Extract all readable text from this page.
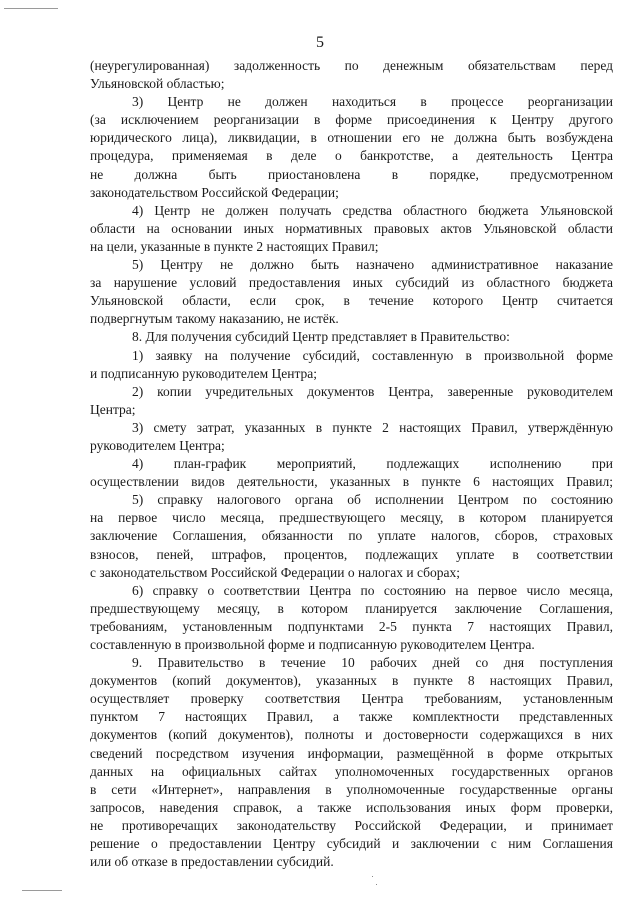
5
(неурегулированная) задолженность по денежным обязательствам перед
Ульяновской областью;
3) Центр не должен находиться в процессе реорганизации
(за исключением реорганизации в форме присоединения к Центру другого
юридического лица), ликвидации, в отношении его не должна быть возбуждена
процедура, применяемая в деле о банкротстве, а деятельность Центра
не должна быть приостановлена в порядке, предусмотренном
законодательством Российской Федерации;
4) Центр не должен получать средства областного бюджета Ульяновской
области на основании иных нормативных правовых актов Ульяновской области
на цели, указанные в пункте 2 настоящих Правил;
5) Центру не должно быть назначено административное наказание
за нарушение условий предоставления иных субсидий из областного бюджета
Ульяновской области, если срок, в течение которого Центр считается
подвергнутым такому наказанию, не истёк.
8. Для получения субсидий Центр представляет в Правительство:
1) заявку на получение субсидий, составленную в произвольной форме
и подписанную руководителем Центра;
2) копии учредительных документов Центра, заверенные руководителем
Центра;
3) смету затрат, указанных в пункте 2 настоящих Правил, утверждённую
руководителем Центра;
4) план-график мероприятий, подлежащих исполнению при
осуществлении видов деятельности, указанных в пункте 6 настоящих Правил;
5) справку налогового органа об исполнении Центром по состоянию
на первое число месяца, предшествующего месяцу, в котором планируется
заключение Соглашения, обязанности по уплате налогов, сборов, страховых
взносов, пеней, штрафов, процентов, подлежащих уплате в соответствии
с законодательством Российской Федерации о налогах и сборах;
6) справку о соответствии Центра по состоянию на первое число месяца,
предшествующему месяцу, в котором планируется заключение Соглашения,
требованиям, установленным подпунктами 2-5 пункта 7 настоящих Правил,
составленную в произвольной форме и подписанную руководителем Центра.
9. Правительство в течение 10 рабочих дней со дня поступления
документов (копий документов), указанных в пункте 8 настоящих Правил,
осуществляет проверку соответствия Центра требованиям, установленным
пунктом 7 настоящих Правил, а также комплектности представленных
документов (копий документов), полноты и достоверности содержащихся в них
сведений посредством изучения информации, размещённой в форме открытых
данных на официальных сайтах уполномоченных государственных органов
в сети «Интернет», направления в уполномоченные государственные органы
запросов, наведения справок, а также использования иных форм проверки,
не противоречащих законодательству Российской Федерации, и принимает
решение о предоставлении Центру субсидий и заключении с ним Соглашения
или об отказе в предоставлении субсидий.
